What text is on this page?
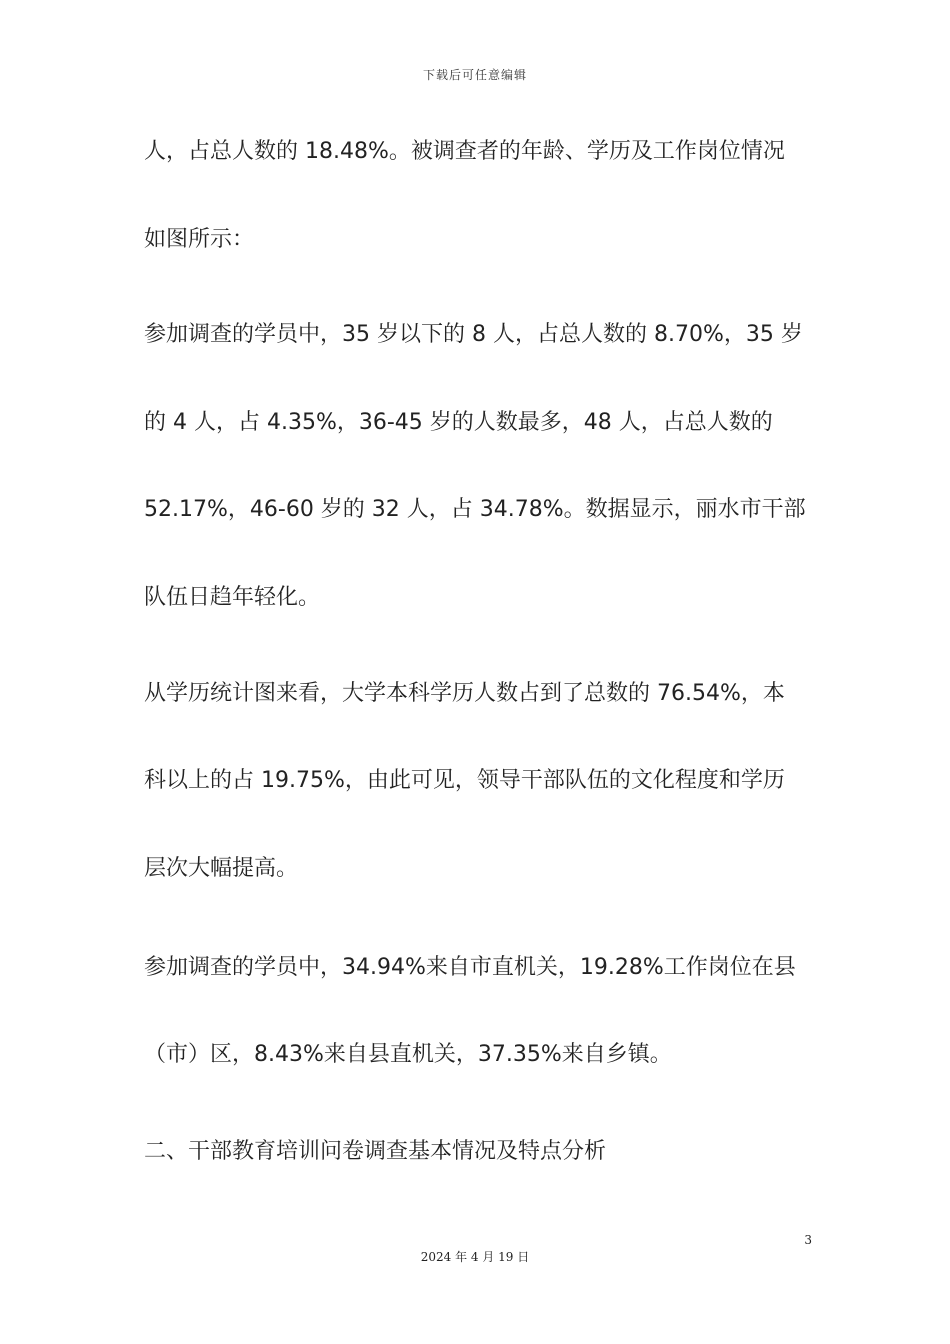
下载后可任意编辑
人，占总人数的 18.48%。被调查者的年龄、学历及工作岗位情况
如图所示：
参加调查的学员中，35 岁以下的 8 人，占总人数的 8.70%，35 岁
的 4 人，占 4.35%，36-45 岁的人数最多，48 人，占总人数的
52.17%，46-60 岁的 32 人，占 34.78%。数据显示，丽水市干部
队伍日趋年轻化。
从学历统计图来看，大学本科学历人数占到了总数的 76.54%，本
科以上的占 19.75%，由此可见，领导干部队伍的文化程度和学历
层次大幅提高。
参加调查的学员中，34.94%来自市直机关，19.28%工作岗位在县
（市）区，8.43%来自县直机关，37.35%来自乡镇。
二、干部教育培训问卷调查基本情况及特点分析
3
2024 年 4 月 19 日
